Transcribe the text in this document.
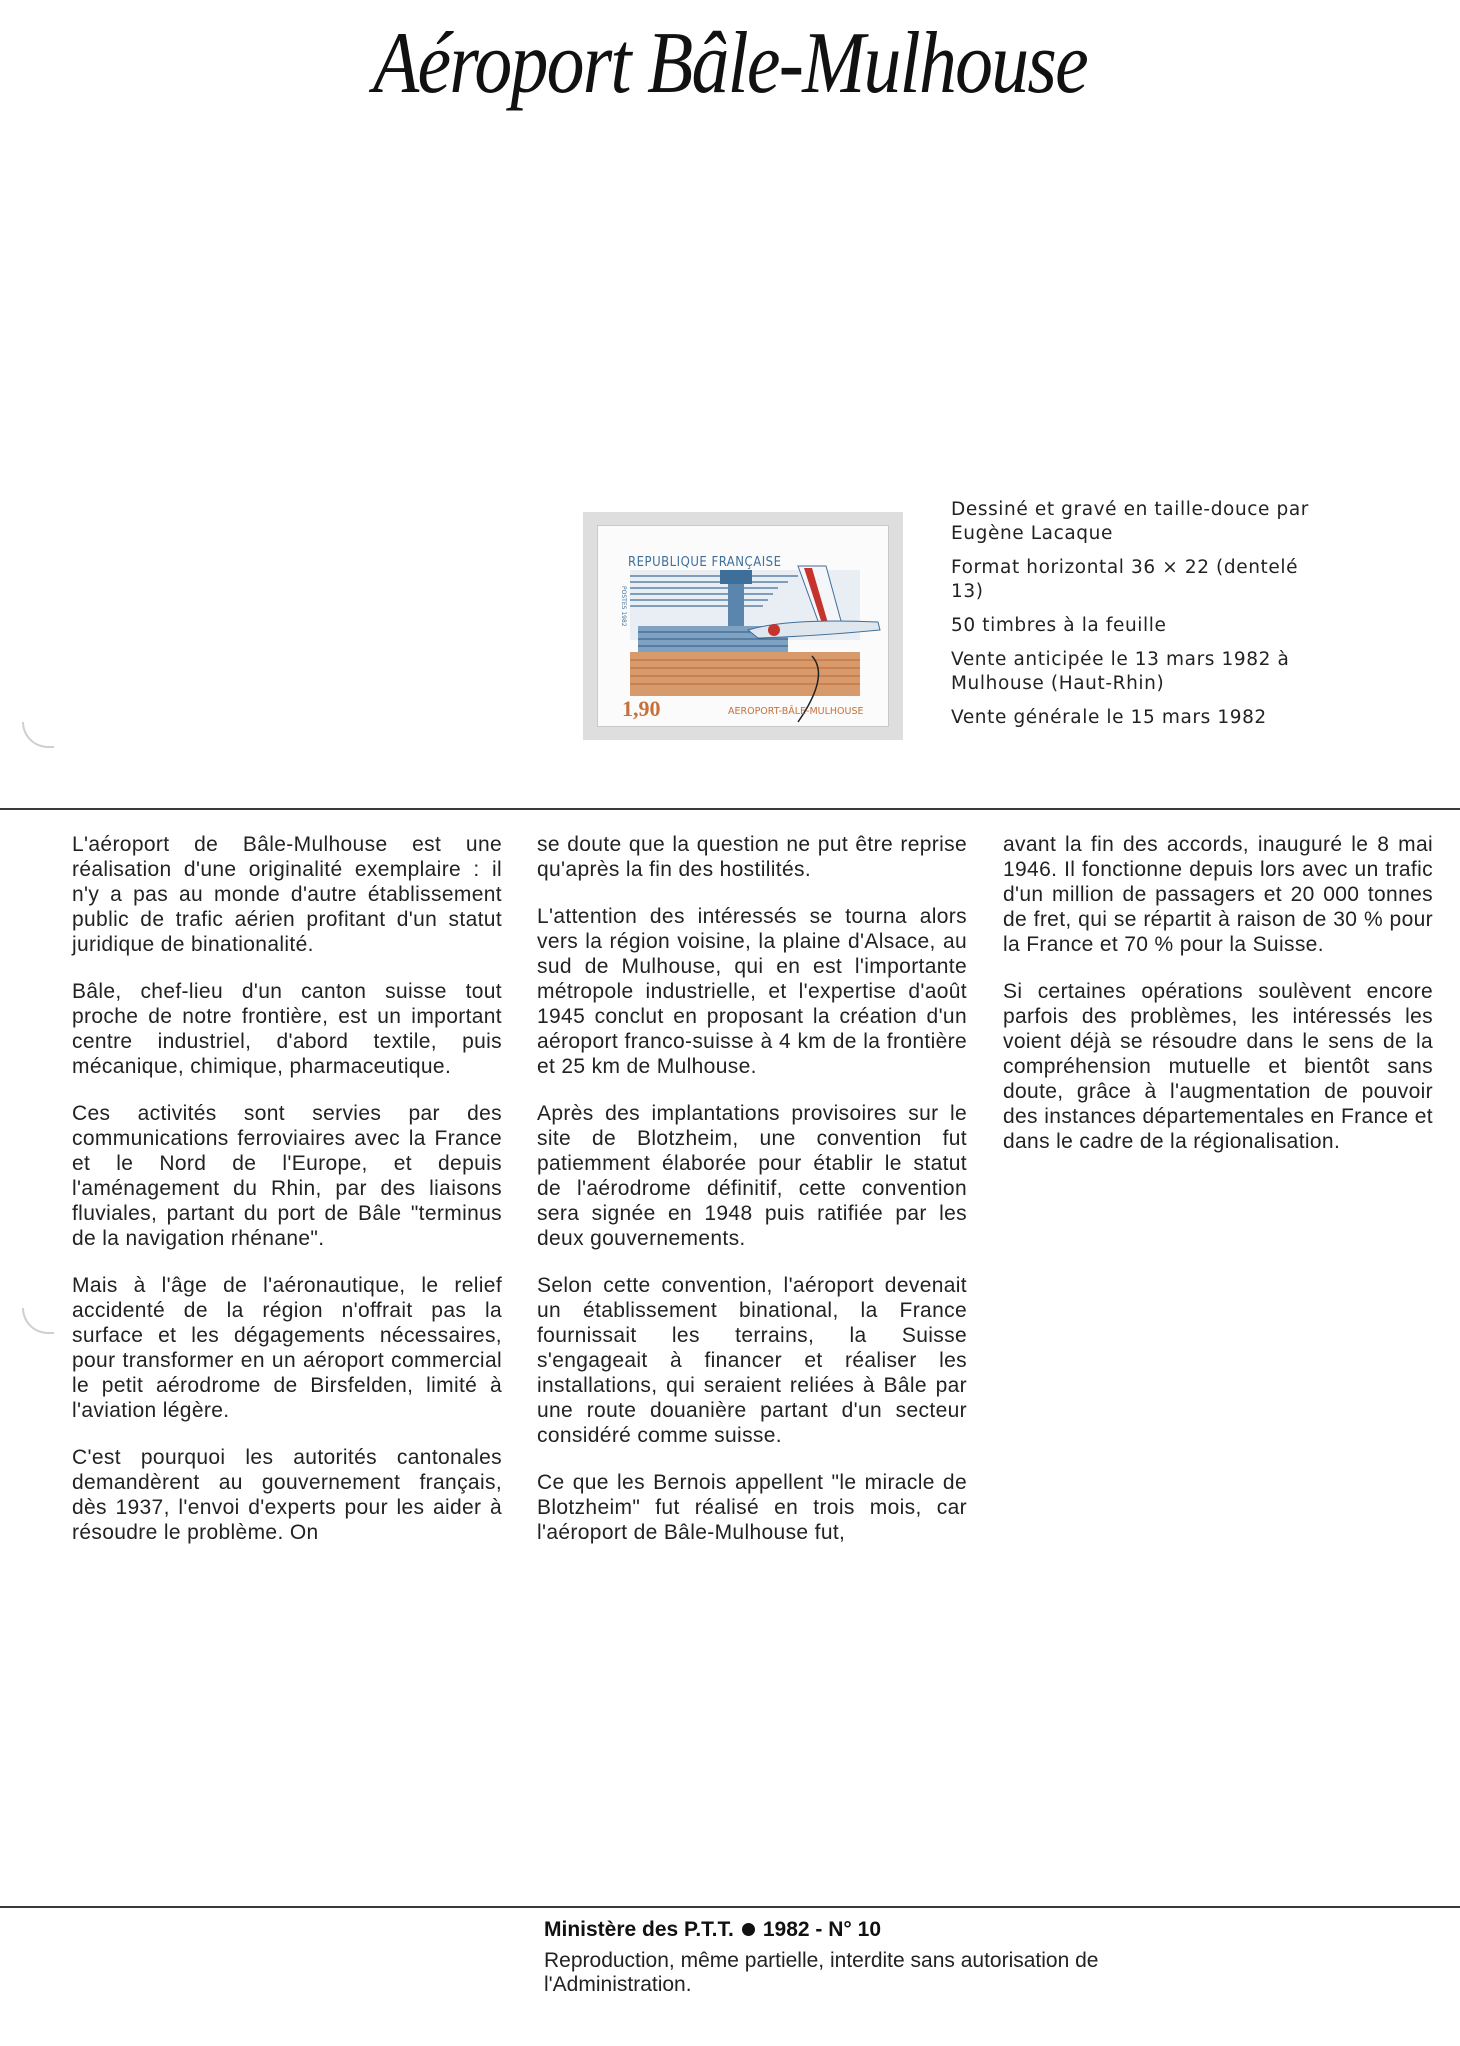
Aéroport Bâle-Mulhouse
REPUBLIQUE FRANÇAISE
POSTES 1982
1,90	AEROPORT-BÂLE-MULHOUSE

Dessiné et gravé en taille-douce par Eugène Lacaque

Format horizontal 36 × 22 (dentelé 13)

50 timbres à la feuille

Vente anticipée le 13 mars 1982 à Mulhouse (Haut-Rhin)

Vente générale le 15 mars 1982

L'aéroport de Bâle-Mulhouse est une réalisation d'une originalité exemplaire : il n'y a pas au monde d'autre établissement public de trafic aérien profitant d'un statut juridique de binationalité.

Bâle, chef-lieu d'un canton suisse tout proche de notre frontière, est un important centre industriel, d'abord textile, puis mécanique, chimique, pharmaceutique.

Ces activités sont servies par des communications ferroviaires avec la France et le Nord de l'Europe, et depuis l'aménagement du Rhin, par des liaisons fluviales, partant du port de Bâle "terminus de la navigation rhénane".

Mais à l'âge de l'aéronautique, le relief accidenté de la région n'offrait pas la surface et les dégagements nécessaires, pour transformer en un aéroport commercial le petit aérodrome de Birsfelden, limité à l'aviation légère.

C'est pourquoi les autorités cantonales demandèrent au gouvernement français, dès 1937, l'envoi d'experts pour les aider à résoudre le problème. On

se doute que la question ne put être reprise qu'après la fin des hostilités.

L'attention des intéressés se tourna alors vers la région voisine, la plaine d'Alsace, au sud de Mulhouse, qui en est l'importante métropole industrielle, et l'expertise d'août 1945 conclut en proposant la création d'un aéroport franco-suisse à 4 km de la frontière et 25 km de Mulhouse.

Après des implantations provisoires sur le site de Blotzheim, une convention fut patiemment élaborée pour établir le statut de l'aérodrome définitif, cette convention sera signée en 1948 puis ratifiée par les deux gouvernements.

Selon cette convention, l'aéroport devenait un établissement binational, la France fournissait les terrains, la Suisse s'engageait à financer et réaliser les installations, qui seraient reliées à Bâle par une route douanière partant d'un secteur considéré comme suisse.

Ce que les Bernois appellent "le miracle de Blotzheim" fut réalisé en trois mois, car l'aéroport de Bâle-Mulhouse fut,

avant la fin des accords, inauguré le 8 mai 1946. Il fonctionne depuis lors avec un trafic d'un million de passagers et 20 000 tonnes de fret, qui se répartit à raison de 30 % pour la France et 70 % pour la Suisse.

Si certaines opérations soulèvent encore parfois des problèmes, les intéressés les voient déjà se résoudre dans le sens de la compréhension mutuelle et bientôt sans doute, grâce à l'augmentation de pouvoir des instances départementales en France et dans le cadre de la régionalisation.

Ministère des P.T.T. 1982 - N° 10
Reproduction, même partielle, interdite sans autorisation de l'Administration.
